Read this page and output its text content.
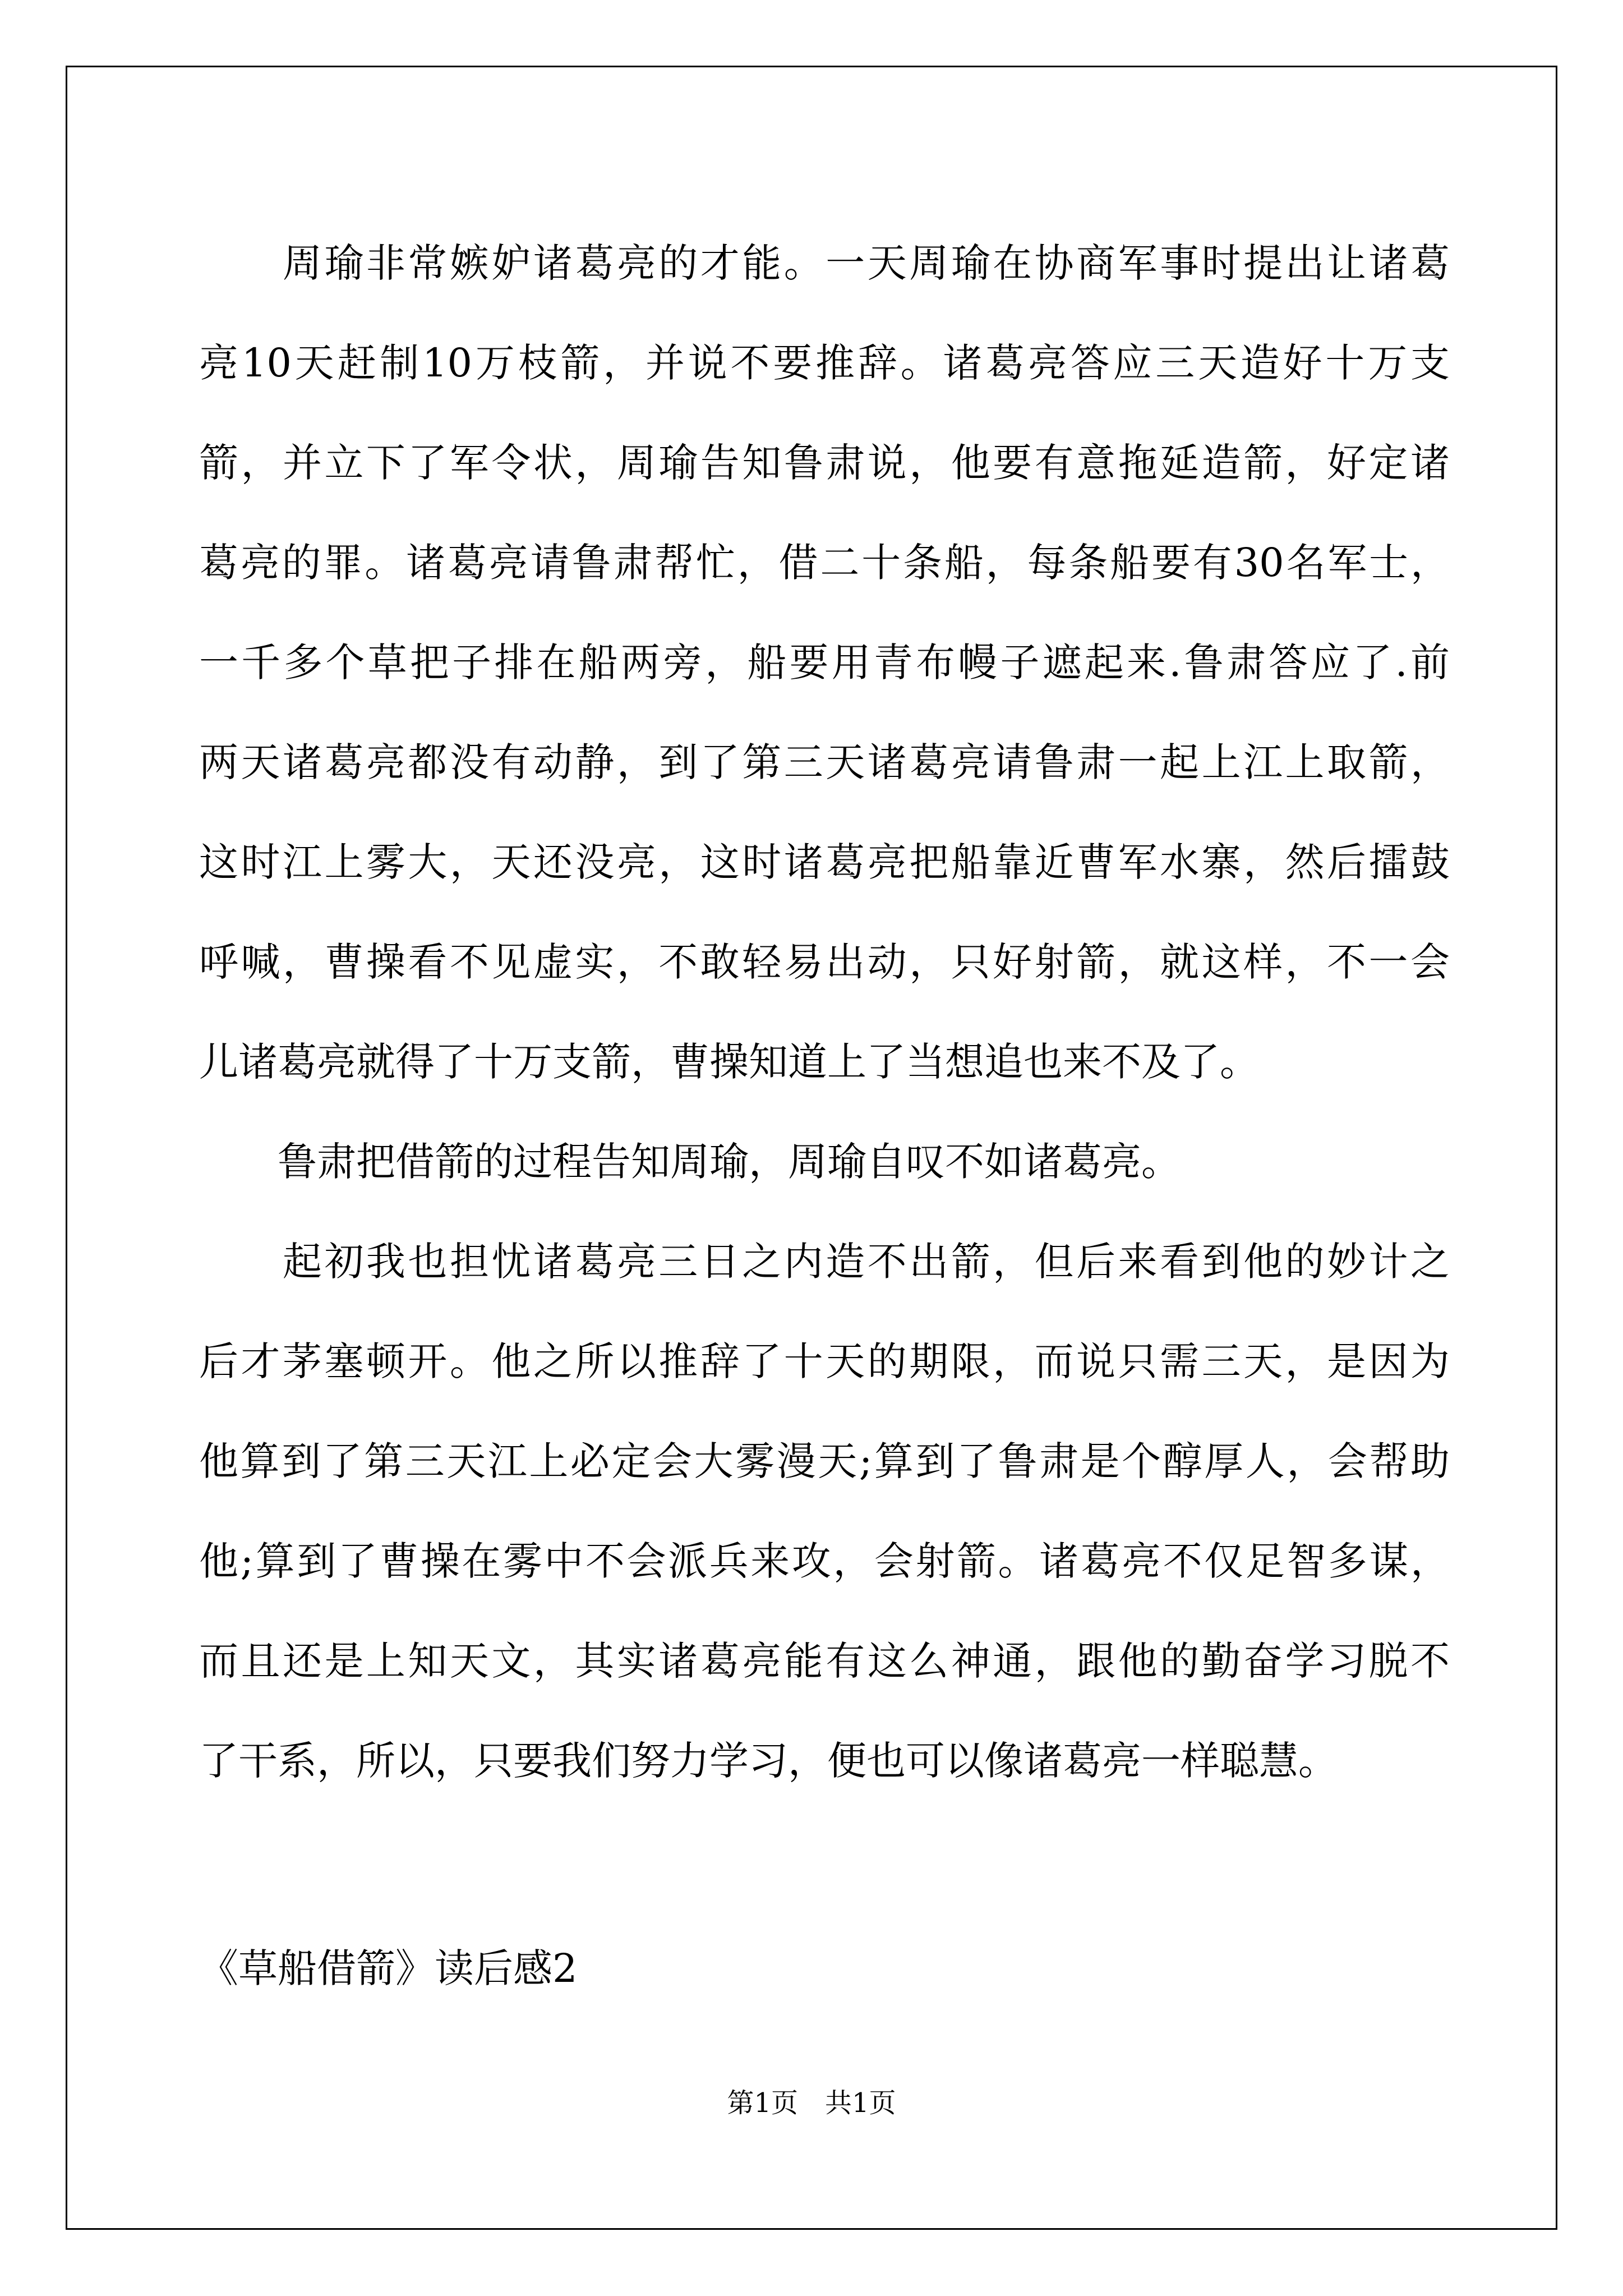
　　周瑜非常嫉妒诸葛亮的才能。一天周瑜在协商军事时提出让诸葛

亮10天赶制10万枝箭，并说不要推辞。诸葛亮答应三天造好十万支

箭，并立下了军令状，周瑜告知鲁肃说，他要有意拖延造箭，好定诸

葛亮的罪。诸葛亮请鲁肃帮忙，借二十条船，每条船要有30名军士，

一千多个草把子排在船两旁，船要用青布幔子遮起来.鲁肃答应了.前

两天诸葛亮都没有动静，到了第三天诸葛亮请鲁肃一起上江上取箭，

这时江上雾大，天还没亮，这时诸葛亮把船靠近曹军水寨，然后擂鼓

呼喊，曹操看不见虚实，不敢轻易出动，只好射箭，就这样，不一会

儿诸葛亮就得了十万支箭，曹操知道上了当想追也来不及了。

　　鲁肃把借箭的过程告知周瑜，周瑜自叹不如诸葛亮。

　　起初我也担忧诸葛亮三日之内造不出箭，但后来看到他的妙计之

后才茅塞顿开。他之所以推辞了十天的期限，而说只需三天，是因为

他算到了第三天江上必定会大雾漫天;算到了鲁肃是个醇厚人，会帮助

他;算到了曹操在雾中不会派兵来攻，会射箭。诸葛亮不仅足智多谋，

而且还是上知天文，其实诸葛亮能有这么神通，跟他的勤奋学习脱不

了干系，所以，只要我们努力学习，便也可以像诸葛亮一样聪慧。

《草船借箭》读后感2
第1页　共1页
